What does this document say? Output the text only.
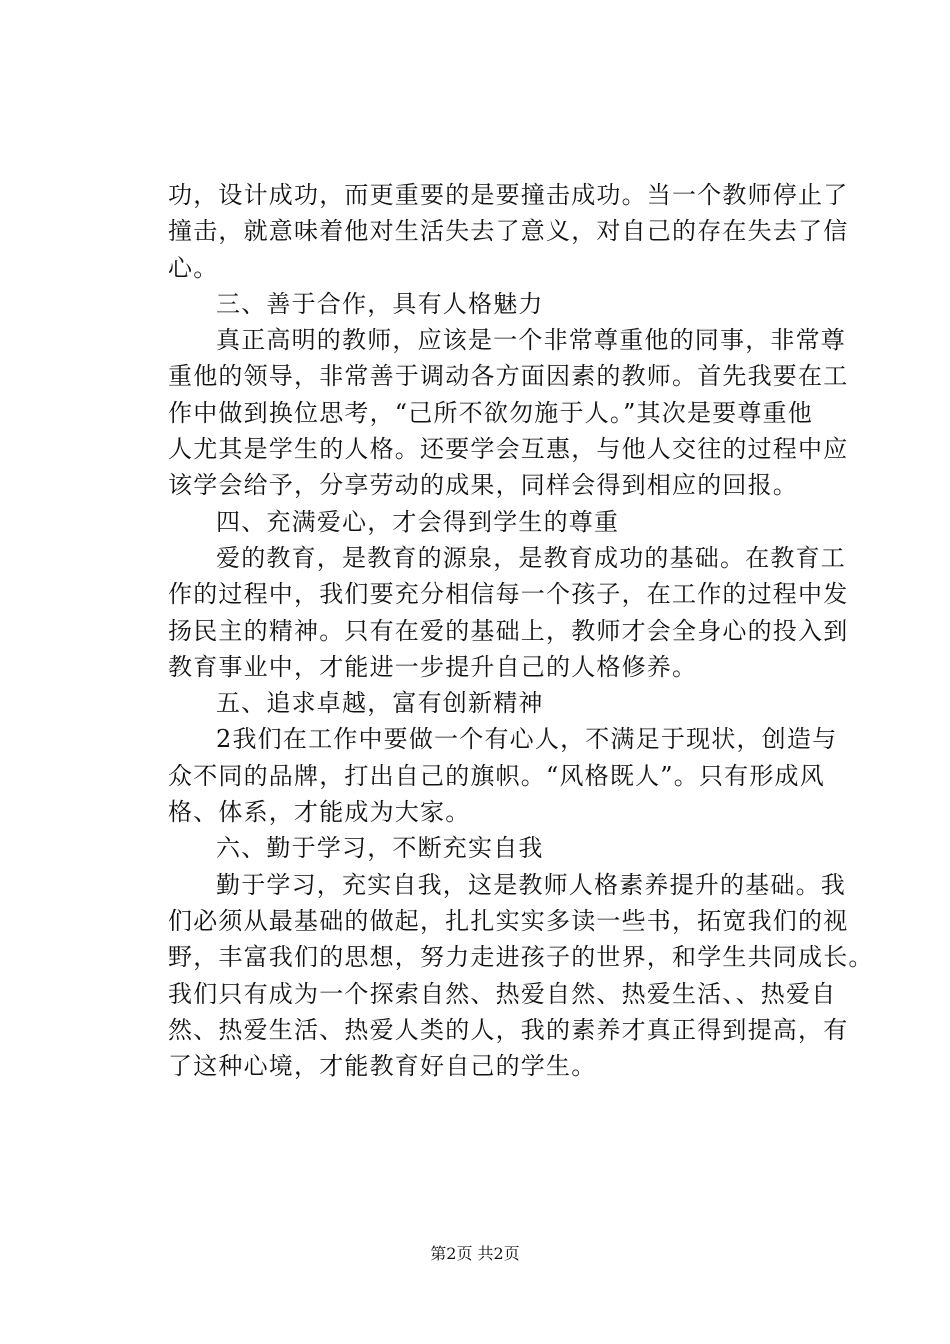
功，设计成功，而更重要的是要撞击成功。当一个教师停止了
撞击，就意味着他对生活失去了意义，对自己的存在失去了信
心。
三、善于合作，具有人格魅力
真正高明的教师，应该是一个非常尊重他的同事，非常尊
重他的领导，非常善于调动各方面因素的教师。首先我要在工
作中做到换位思考，“己所不欲勿施于人。”其次是要尊重他
人尤其是学生的人格。还要学会互惠，与他人交往的过程中应
该学会给予，分享劳动的成果，同样会得到相应的回报。
四、充满爱心，才会得到学生的尊重
爱的教育，是教育的源泉，是教育成功的基础。在教育工
作的过程中，我们要充分相信每一个孩子，在工作的过程中发
扬民主的精神。只有在爱的基础上，教师才会全身心的投入到
教育事业中，才能进一步提升自己的人格修养。
五、追求卓越，富有创新精神
2我们在工作中要做一个有心人，不满足于现状，创造与
众不同的品牌，打出自己的旗帜。“风格既人”。只有形成风
格、体系，才能成为大家。
六、勤于学习，不断充实自我
勤于学习，充实自我，这是教师人格素养提升的基础。我
们必须从最基础的做起，扎扎实实多读一些书，拓宽我们的视
野，丰富我们的思想，努力走进孩子的世界，和学生共同成长。
我们只有成为一个探索自然、热爱自然、热爱生活、、热爱自
然、热爱生活、热爱人类的人，我的素养才真正得到提高，有
了这种心境，才能教育好自己的学生。
第2页 共2页
